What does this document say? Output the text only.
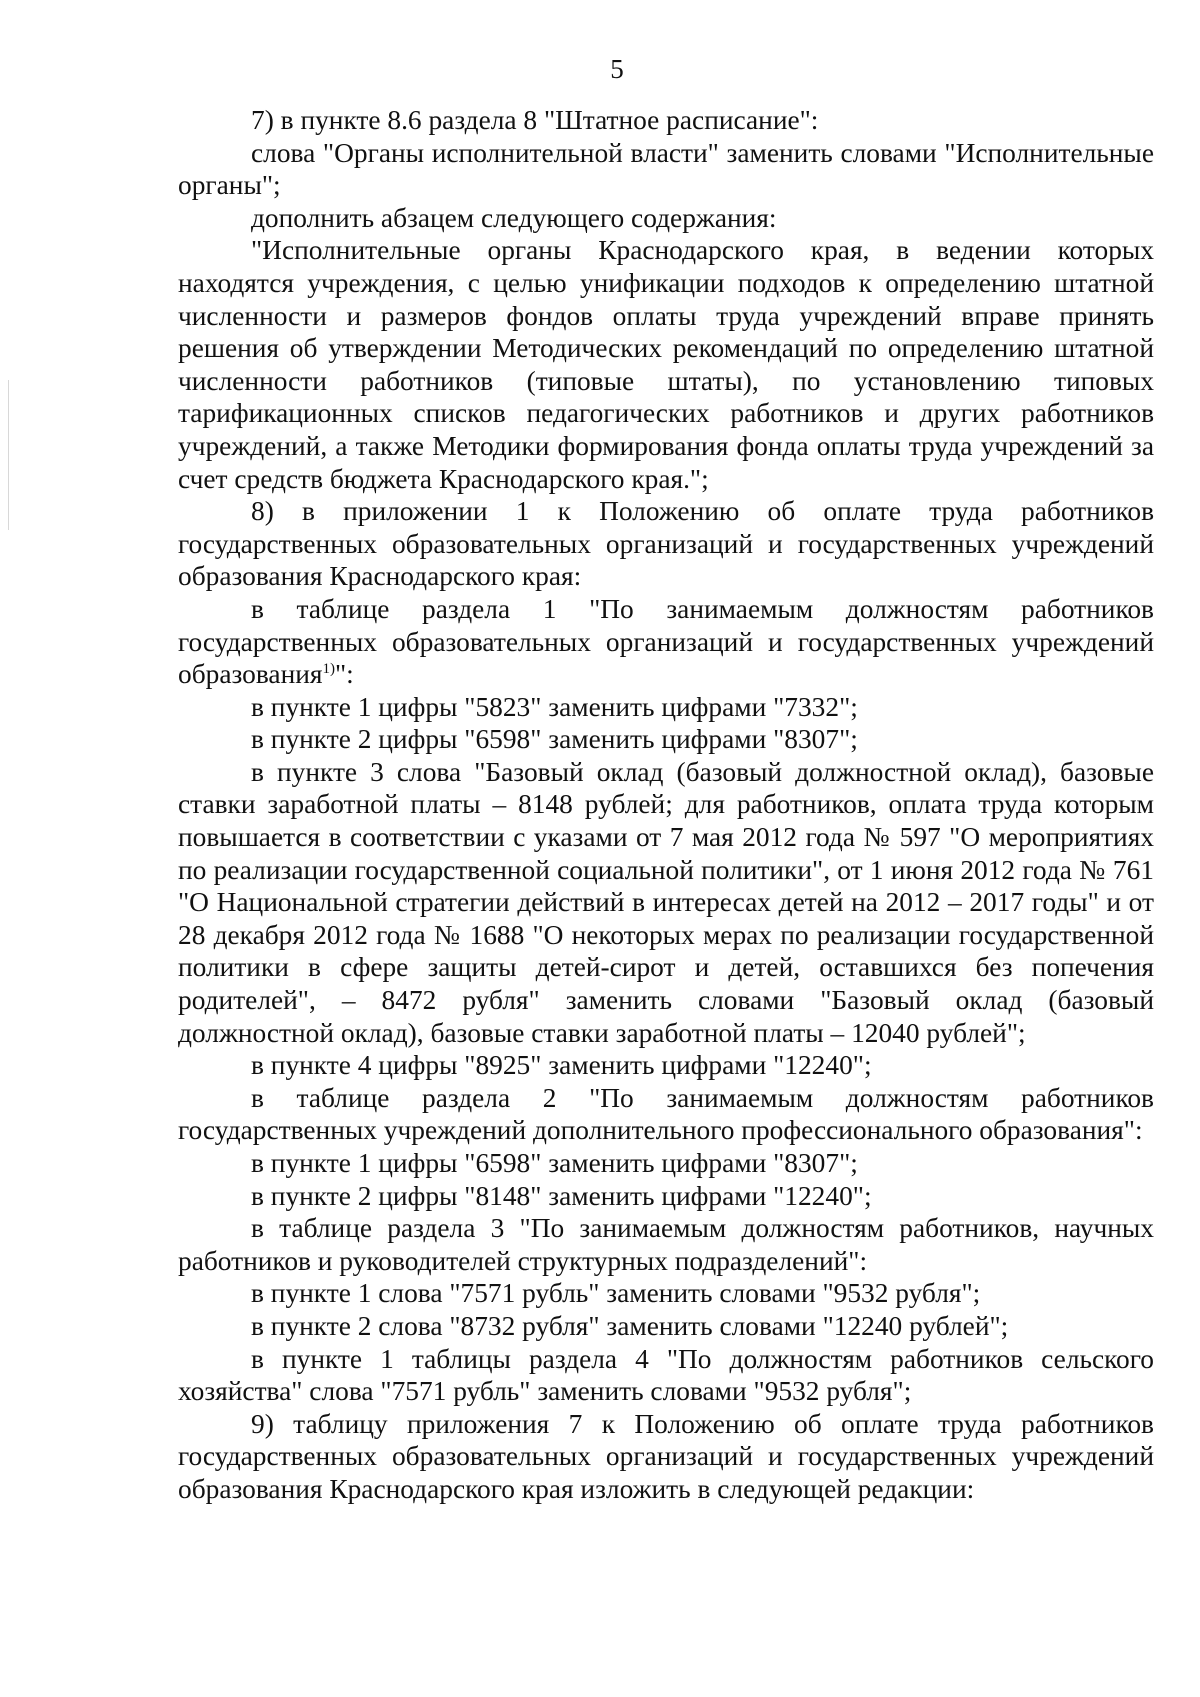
5

7) в пункте 8.6 раздела 8 "Штатное расписание":

слова "Органы исполнительной власти" заменить словами "Исполнительные органы";

дополнить абзацем следующего содержания:

"Исполнительные органы Краснодарского края, в ведении которых находятся учреждения, с целью унификации подходов к определению штатной численности и размеров фондов оплаты труда учреждений вправе принять решения об утверждении Методических рекомендаций по определению штатной численности работников (типовые штаты), по установлению типовых тарификационных списков педагогических работников и других работников учреждений, а также Методики формирования фонда оплаты труда учреждений за счет средств бюджета Краснодарского края.";

8) в приложении 1 к Положению об оплате труда работников государственных образовательных организаций и государственных учреждений образования Краснодарского края:

в таблице раздела 1 "По занимаемым должностям работников государственных образовательных организаций и государственных учреждений образования$^{1)}$":

в пункте 1 цифры "5823" заменить цифрами "7332";

в пункте 2 цифры "6598" заменить цифрами "8307";

в пункте 3 слова "Базовый оклад (базовый должностной оклад), базовые ставки заработной платы – 8148 рублей; для работников, оплата труда которым повышается в соответствии с указами от 7 мая 2012 года № 597 "О мероприятиях по реализации государственной социальной политики", от 1 июня 2012 года № 761 "О Национальной стратегии действий в интересах детей на 2012 – 2017 годы" и от 28 декабря 2012 года № 1688 "О некоторых мерах по реализации государственной политики в сфере защиты детей-сирот и детей, оставшихся без попечения родителей", – 8472 рубля" заменить словами "Базовый оклад (базовый должностной оклад), базовые ставки заработной платы – 12040 рублей";

в пункте 4 цифры "8925" заменить цифрами "12240";

в таблице раздела 2 "По занимаемым должностям работников государственных учреждений дополнительного профессионального образования":

в пункте 1 цифры "6598" заменить цифрами "8307";

в пункте 2 цифры "8148" заменить цифрами "12240";

в таблице раздела 3 "По занимаемым должностям работников, научных работников и руководителей структурных подразделений":

в пункте 1 слова "7571 рубль" заменить словами "9532 рубля";

в пункте 2 слова "8732 рубля" заменить словами "12240 рублей";

в пункте 1 таблицы раздела 4 "По должностям работников сельского хозяйства" слова "7571 рубль" заменить словами "9532 рубля";

9) таблицу приложения 7 к Положению об оплате труда работников государственных образовательных организаций и государственных учреждений образования Краснодарского края изложить в следующей редакции:
